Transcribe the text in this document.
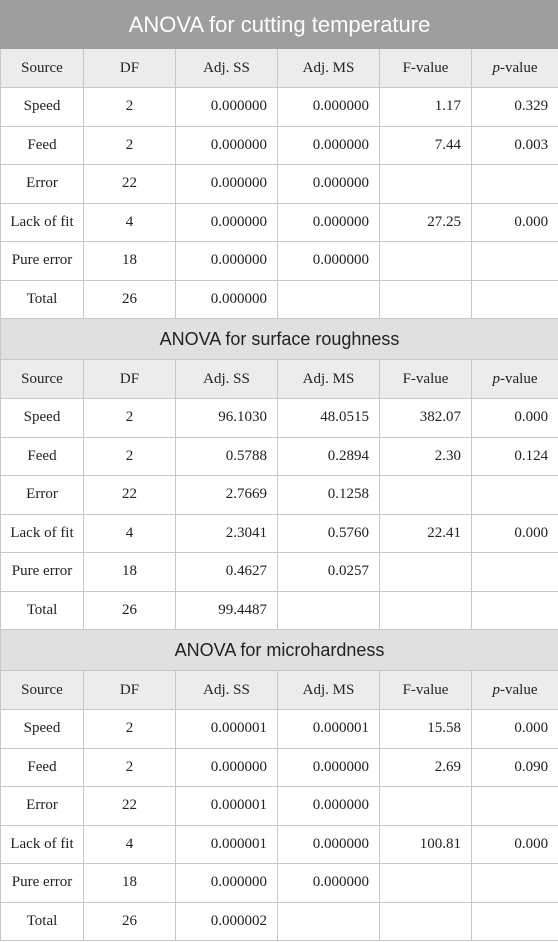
ANOVA for cutting temperature					
Source	DF	Adj. SS	Adj. MS	F-value	p-value
Speed	2	0.000000	0.000000	1.17	0.329
Feed	2	0.000000	0.000000	7.44	0.003
Error	22	0.000000	0.000000		
Lack of fit	4	0.000000	0.000000	27.25	0.000
Pure error	18	0.000000	0.000000		
Total	26	0.000000			
ANOVA for surface roughness					
Source	DF	Adj. SS	Adj. MS	F-value	p-value
Speed	2	96.1030	48.0515	382.07	0.000
Feed	2	0.5788	0.2894	2.30	0.124
Error	22	2.7669	0.1258		
Lack of fit	4	2.3041	0.5760	22.41	0.000
Pure error	18	0.4627	0.0257		
Total	26	99.4487			
ANOVA for microhardness					
Source	DF	Adj. SS	Adj. MS	F-value	p-value
Speed	2	0.000001	0.000001	15.58	0.000
Feed	2	0.000000	0.000000	2.69	0.090
Error	22	0.000001	0.000000		
Lack of fit	4	0.000001	0.000000	100.81	0.000
Pure error	18	0.000000	0.000000		
Total	26	0.000002			
